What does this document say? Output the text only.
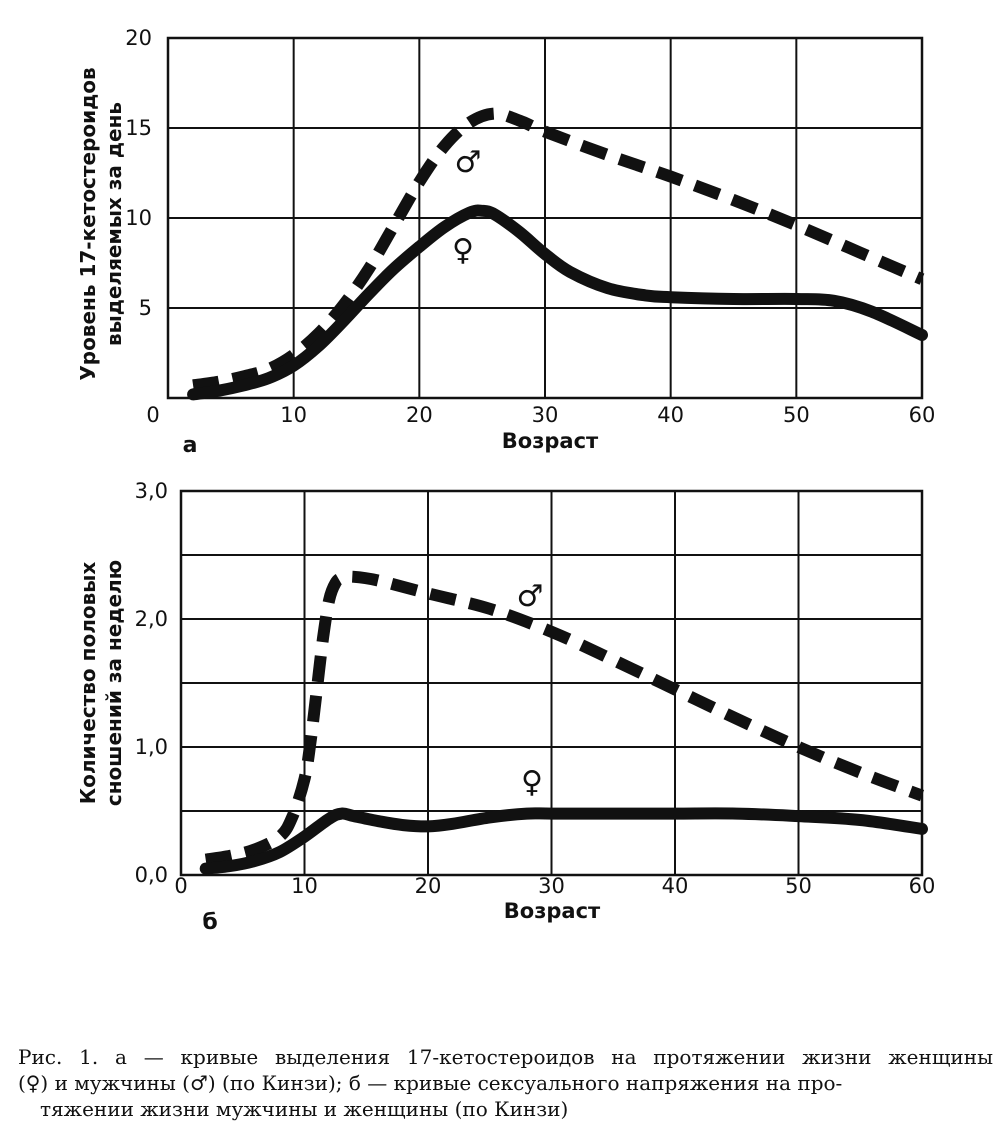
5
10
15
20
10	20	30	40	50	60
0
Уровень 17-кетостероидов выделяемых за день
Возраст
а
♂
♀
0,0
1,0
2,0
3,0
0	10	20	30	40	50	60
Количество половых сношений за неделю
Возраст
б
♂
♀
Рис. 1. а — кривые выделения 17-кетостероидов на протяжении жизни женщины
(♀) и мужчины (♂) (по Кинзи); б — кривые сексуального напряжения на про-
тяжении жизни мужчины и женщины (по Кинзи)
